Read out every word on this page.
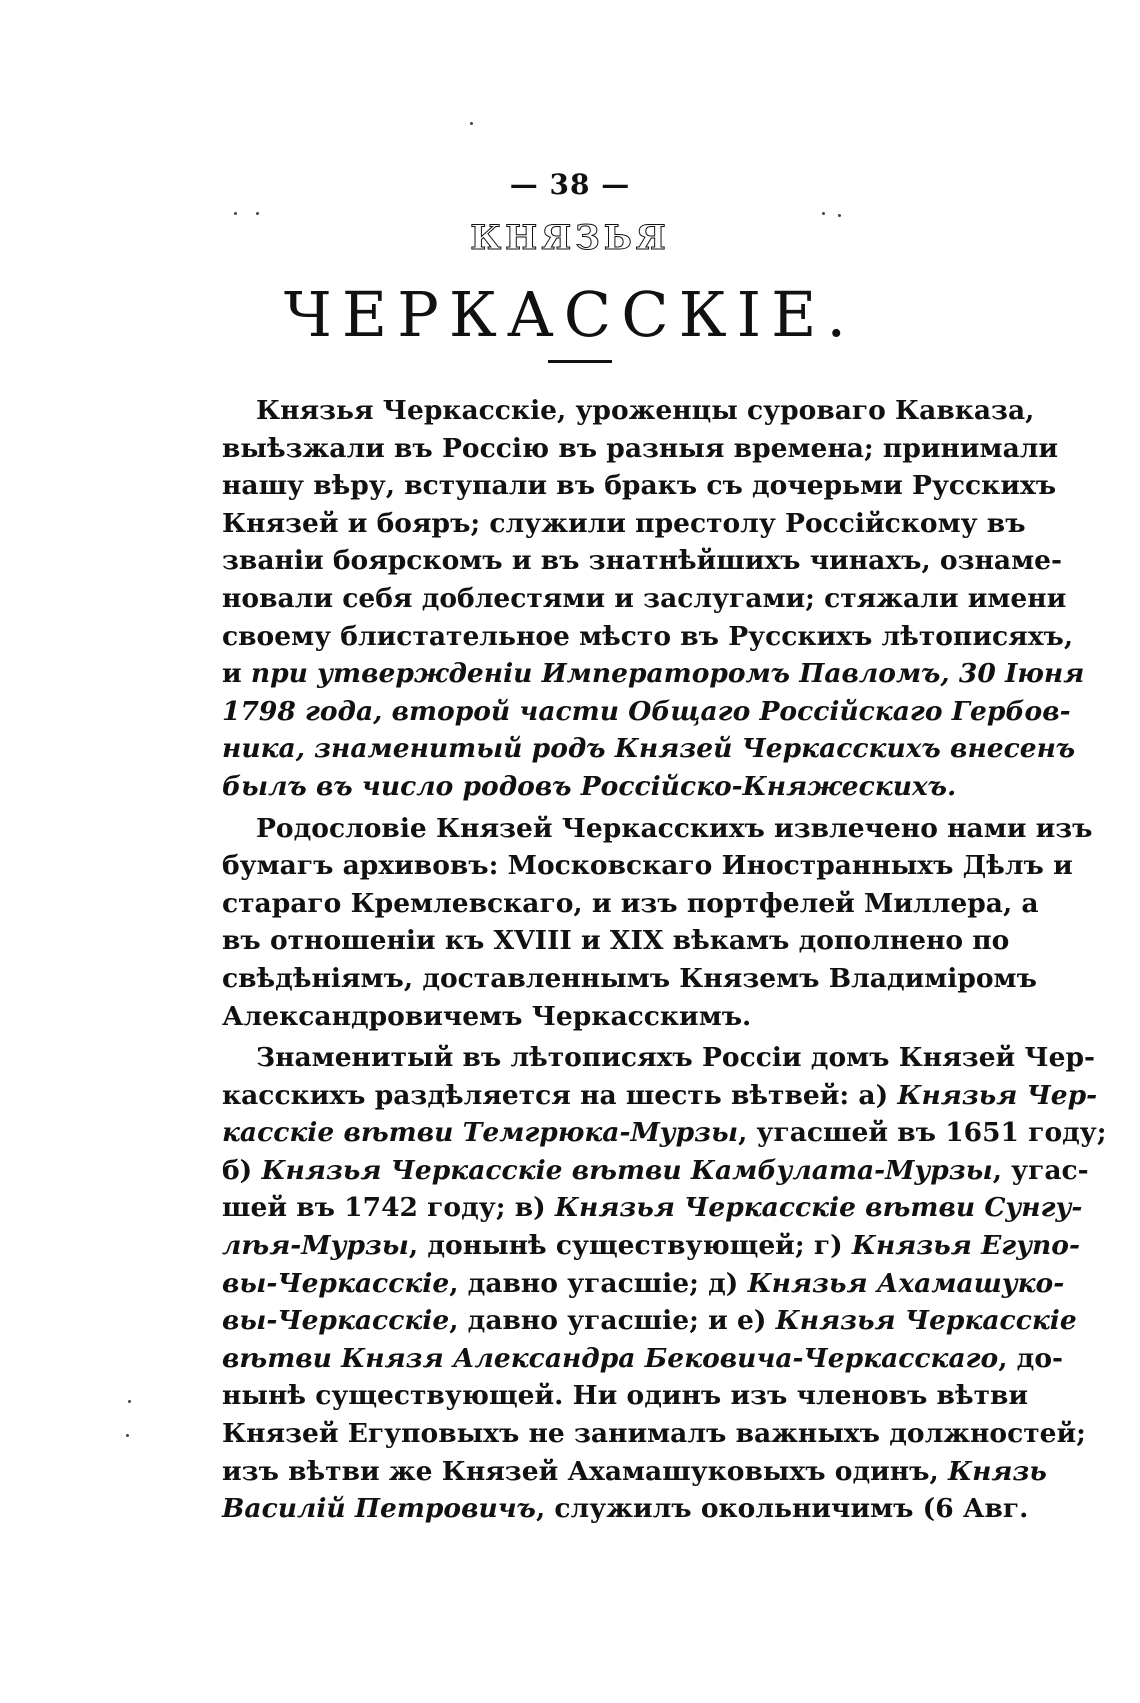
— 38 —
КНЯЗЬЯ
ЧЕРКАССКІЕ.
Князья Черкасскіе, уроженцы суроваго Кавказа,
выѣзжали въ Россію въ разныя времена; принимали
нашу вѣру, вступали въ бракъ съ дочерьми Русскихъ
Князей и бояръ; служили престолу Россійскому въ
званіи боярскомъ и въ знатнѣйшихъ чинахъ, ознаме-
новали себя доблестями и заслугами; стяжали имени
своему блистательное мѣсто въ Русскихъ лѣтописяхъ,
и при утвержденіи Императоромъ Павломъ, 30 Іюня
1798 года, второй части Общаго Россійскаго Гербов-
ника, знаменитый родъ Князей Черкасскихъ внесенъ
былъ въ число родовъ Россійско-Княжескихъ.
Родословіе Князей Черкасскихъ извлечено нами изъ
бумагъ архивовъ: Московскаго Иностранныхъ Дѣлъ и
стараго Кремлевскаго, и изъ портфелей Миллера, а
въ отношеніи къ XVIII и XIX вѣкамъ дополнено по
свѣдѣніямъ, доставленнымъ Княземъ Владиміромъ
Александровичемъ Черкасскимъ.
Знаменитый въ лѣтописяхъ Россіи домъ Князей Чер-
касскихъ раздѣляется на шесть вѣтвей: а) Князья Чер-
касскіе вѣтви Темгрюка-Мурзы, угасшей въ 1651 году;
б) Князья Черкасскіе вѣтви Камбулата-Мурзы, угас-
шей въ 1742 году; в) Князья Черкасскіе вѣтви Сунгу-
лѣя-Мурзы, донынѣ существующей; г) Князья Егупо-
вы-Черкасскіе, давно угасшіе; д) Князья Ахамашуко-
вы-Черкасскіе, давно угасшіе; и е) Князья Черкасскіе
вѣтви Князя Александра Бековича-Черкасскаго, до-
нынѣ существующей. Ни одинъ изъ членовъ вѣтви
Князей Егуповыхъ не занималъ важныхъ должностей;
изъ вѣтви же Князей Ахамашуковыхъ одинъ, Князь
Василій Петровичъ, служилъ окольничимъ (6 Авг.
